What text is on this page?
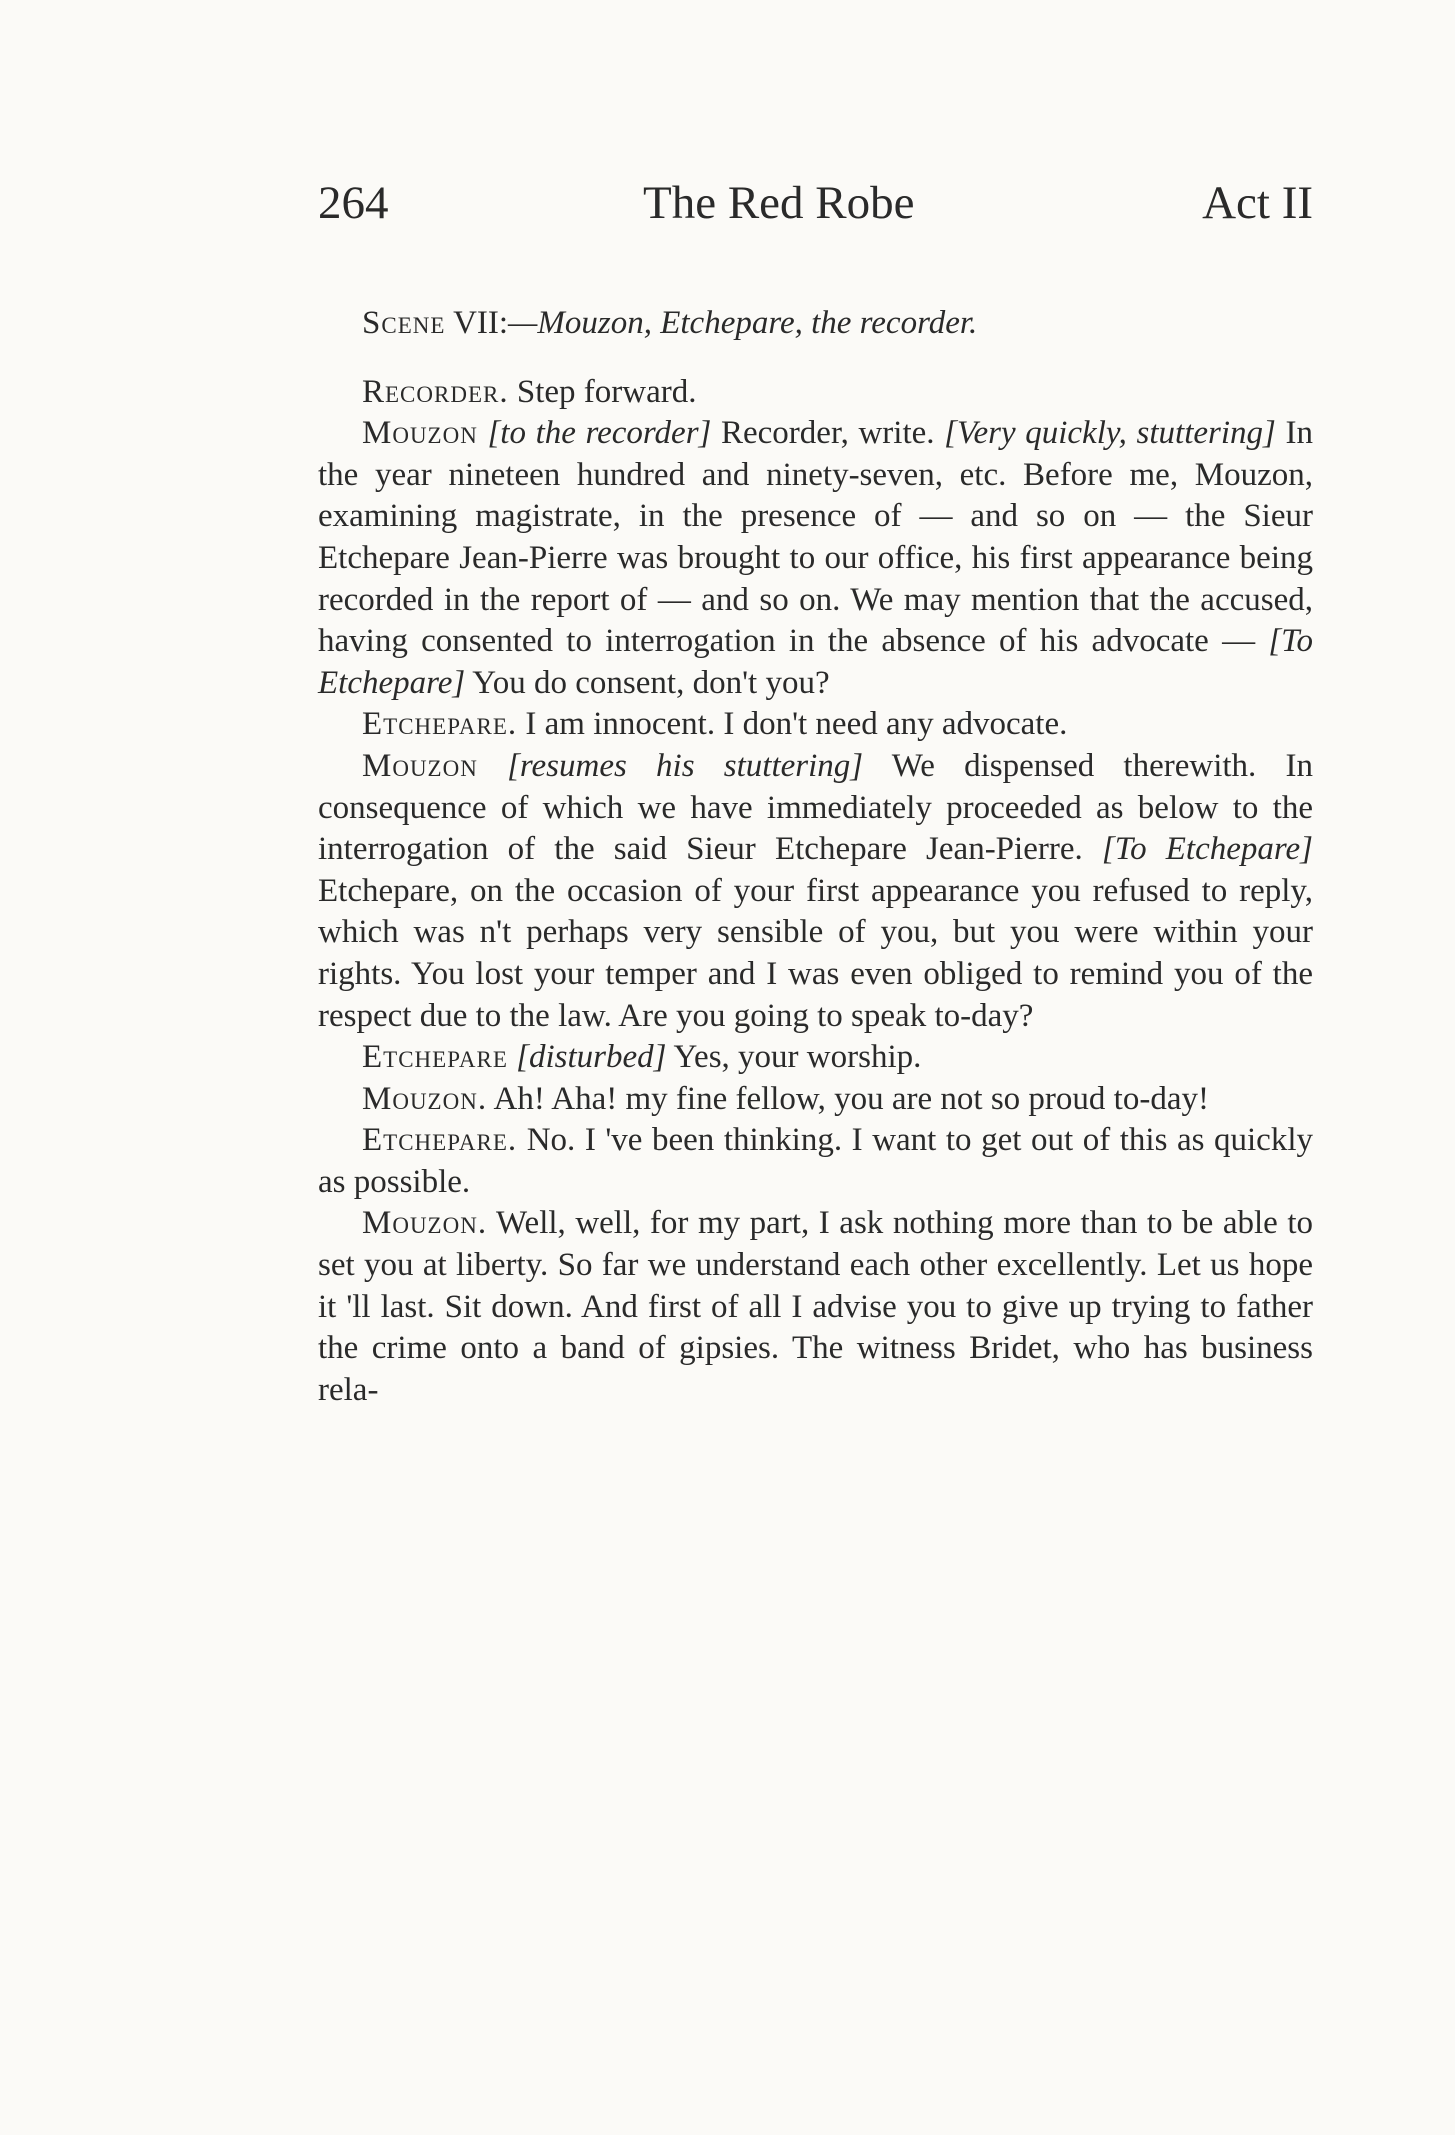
264	The Red Robe	Act II

Scene VII:—Mouzon, Etchepare, the recorder.

Recorder. Step forward.

Mouzon [to the recorder] Recorder, write. [Very quickly, stuttering] In the year nineteen hundred and ninety-seven, etc. Before me, Mouzon, examining magistrate, in the presence of — and so on — the Sieur Etchepare Jean-Pierre was brought to our office, his first appearance being recorded in the report of — and so on. We may mention that the accused, having consented to interrogation in the absence of his advocate — [To Etchepare] You do consent, don't you?

Etchepare. I am innocent. I don't need any advocate.

Mouzon [resumes his stuttering] We dispensed therewith. In consequence of which we have immediately proceeded as below to the interrogation of the said Sieur Etchepare Jean-Pierre. [To Etchepare] Etchepare, on the occasion of your first appearance you refused to reply, which was n't perhaps very sensible of you, but you were within your rights. You lost your temper and I was even obliged to remind you of the respect due to the law. Are you going to speak to-day?

Etchepare [disturbed] Yes, your worship.

Mouzon. Ah! Aha! my fine fellow, you are not so proud to-day!

Etchepare. No. I 've been thinking. I want to get out of this as quickly as possible.

Mouzon. Well, well, for my part, I ask nothing more than to be able to set you at liberty. So far we understand each other excellently. Let us hope it 'll last. Sit down. And first of all I advise you to give up trying to father the crime onto a band of gipsies. The witness Bridet, who has business rela-
